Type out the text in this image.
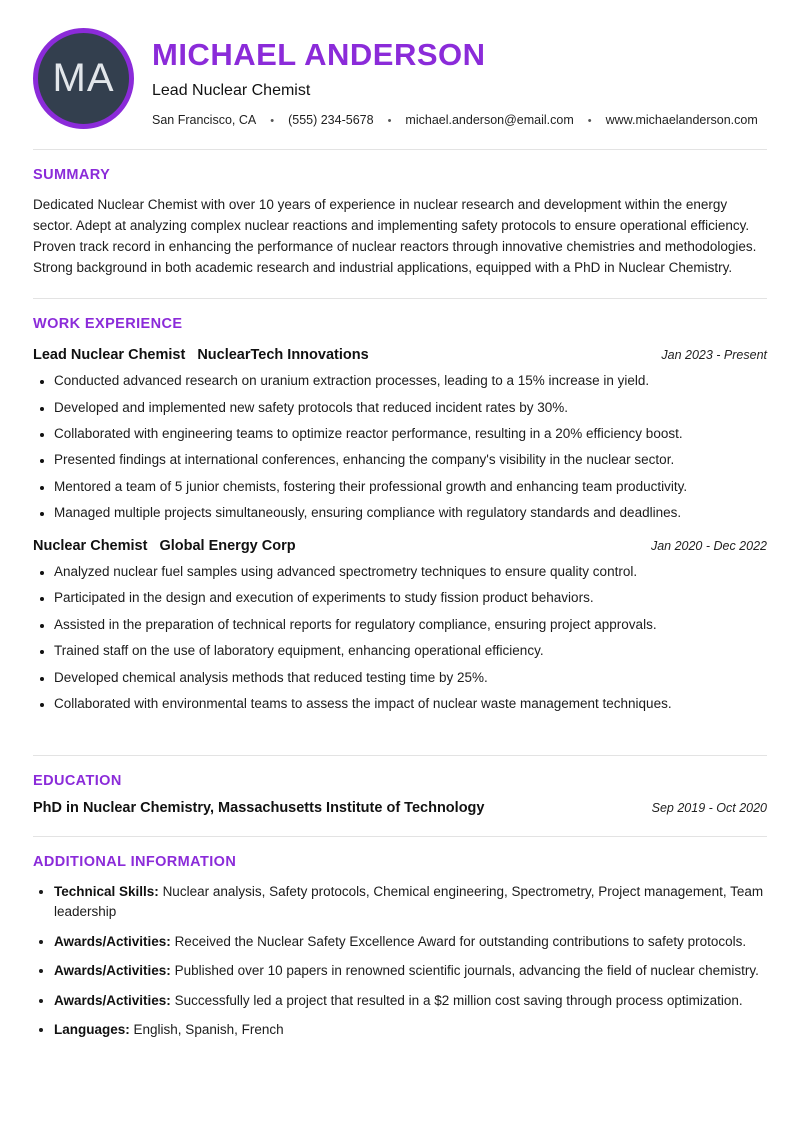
MA
MICHAEL ANDERSON
Lead Nuclear Chemist
San Francisco, CA	• (555) 234-5678	• michael.anderson@email.com	• www.michaelanderson.com
SUMMARY

Dedicated Nuclear Chemist with over 10 years of experience in nuclear research and development within the energy sector. Adept at analyzing complex nuclear reactions and implementing safety protocols to ensure operational efficiency. Proven track record in enhancing the performance of nuclear reactors through innovative chemistries and methodologies. Strong background in both academic research and industrial applications, equipped with a PhD in Nuclear Chemistry.

WORK EXPERIENCE
Lead Nuclear Chemist NuclearTech Innovations	Jan 2023 - Present
• Conducted advanced research on uranium extraction processes, leading to a 15% increase in yield.
• Developed and implemented new safety protocols that reduced incident rates by 30%.
• Collaborated with engineering teams to optimize reactor performance, resulting in a 20% efficiency boost.
• Presented findings at international conferences, enhancing the company's visibility in the nuclear sector.
• Mentored a team of 5 junior chemists, fostering their professional growth and enhancing team productivity.
• Managed multiple projects simultaneously, ensuring compliance with regulatory standards and deadlines.
Nuclear Chemist Global Energy Corp	Jan 2020 - Dec 2022
• Analyzed nuclear fuel samples using advanced spectrometry techniques to ensure quality control.
• Participated in the design and execution of experiments to study fission product behaviors.
• Assisted in the preparation of technical reports for regulatory compliance, ensuring project approvals.
• Trained staff on the use of laboratory equipment, enhancing operational efficiency.
• Developed chemical analysis methods that reduced testing time by 25%.
• Collaborated with environmental teams to assess the impact of nuclear waste management techniques.
EDUCATION
PhD in Nuclear Chemistry, Massachusetts Institute of Technology	Sep 2019 - Oct 2020
ADDITIONAL INFORMATION
• Technical Skills: Nuclear analysis, Safety protocols, Chemical engineering, Spectrometry, Project management, Team leadership
• Awards/Activities: Received the Nuclear Safety Excellence Award for outstanding contributions to safety protocols.
• Awards/Activities: Published over 10 papers in renowned scientific journals, advancing the field of nuclear chemistry.
• Awards/Activities: Successfully led a project that resulted in a $2 million cost saving through process optimization.
• Languages: English, Spanish, French
